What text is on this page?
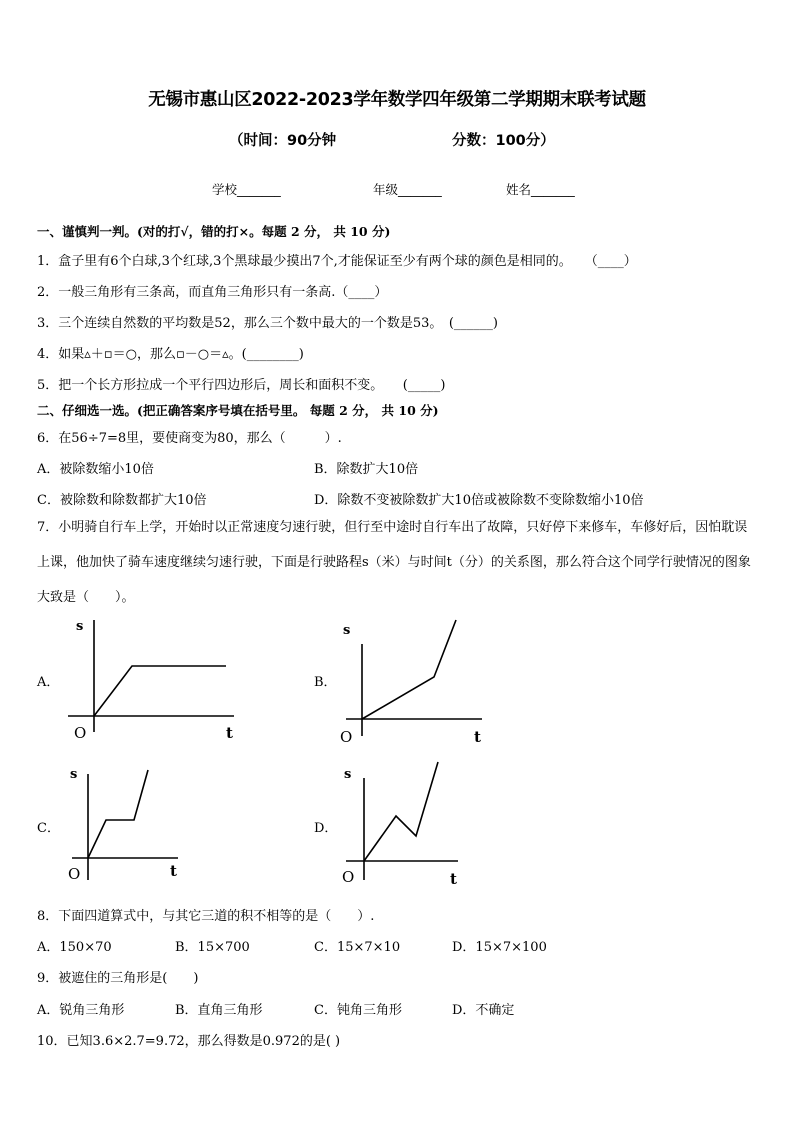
无锡市惠山区2022-2023学年数学四年级第二学期期末联考试题
（时间：90分钟	分数：100分）
学校_______	年级_______	姓名_______
一、谨慎判一判。(对的打√，错的打×。每题 2 分， 共 10 分)
1．盒子里有6个白球,3个红球,3个黑球最少摸出7个,才能保证至少有两个球的颜色是相同的。　　（____）
2．一般三角形有三条高，而直角三角形只有一条高.（____）
3．三个连续自然数的平均数是52，那么三个数中最大的一个数是53。　(______)
4．如果▵＋▫＝○，那么▫－○＝▵。(________)
5．把一个长方形拉成一个平行四边形后，周长和面积不变。　　(_____)
二、仔细选一选。(把正确答案序号填在括号里。 每题 2 分， 共 10 分)
6．在56÷7=8里，要使商变为80，那么（　　　）.
A．被除数缩小10倍	B．除数扩大10倍
C．被除数和除数都扩大10倍	D．除数不变被除数扩大10倍或被除数不变除数缩小10倍
7．小明骑自行车上学，开始时以正常速度匀速行驶，但行至中途时自行车出了故障，只好停下来修车，车修好后，因怕耽误上课，他加快了骑车速度继续匀速行驶，下面是行驶路程s（米）与时间t（分）的关系图，那么符合这个同学行驶情况的图象大致是（　　）。
A．	B．
C．	D．
s
O	t
s
O	t
s
O	t
s
O	t
8．下面四道算式中，与其它三道的积不相等的是（　　）.
A．150×70	B．15×700	C．15×7×10	D．15×7×100
9．被遮住的三角形是(　　)
A．锐角三角形	B．直角三角形	C．钝角三角形	D．不确定
10．已知3.6×2.7=9.72，那么得数是0.972的是( )
